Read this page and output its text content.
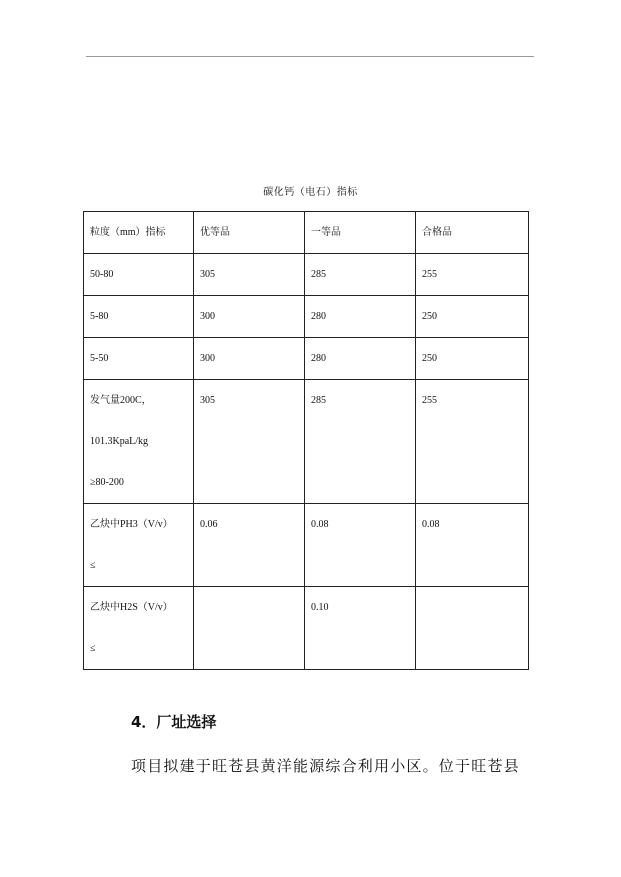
碳化钙（电石）指标
粒度（mm）指标	优等品	一等品	合格品
50-80	305	285	255
5-80	300	280	250
5-50	300	280	250

发气量200C，
101.3KpaL/kg
≥80-200	305	285	255

乙炔中PH3（V/v）
≤	0.06	0.08	0.08

乙炔中H2S（V/v）
≤		0.10	
4．厂址选择
项目拟建于旺苍县黄洋能源综合利用小区。位于旺苍县
